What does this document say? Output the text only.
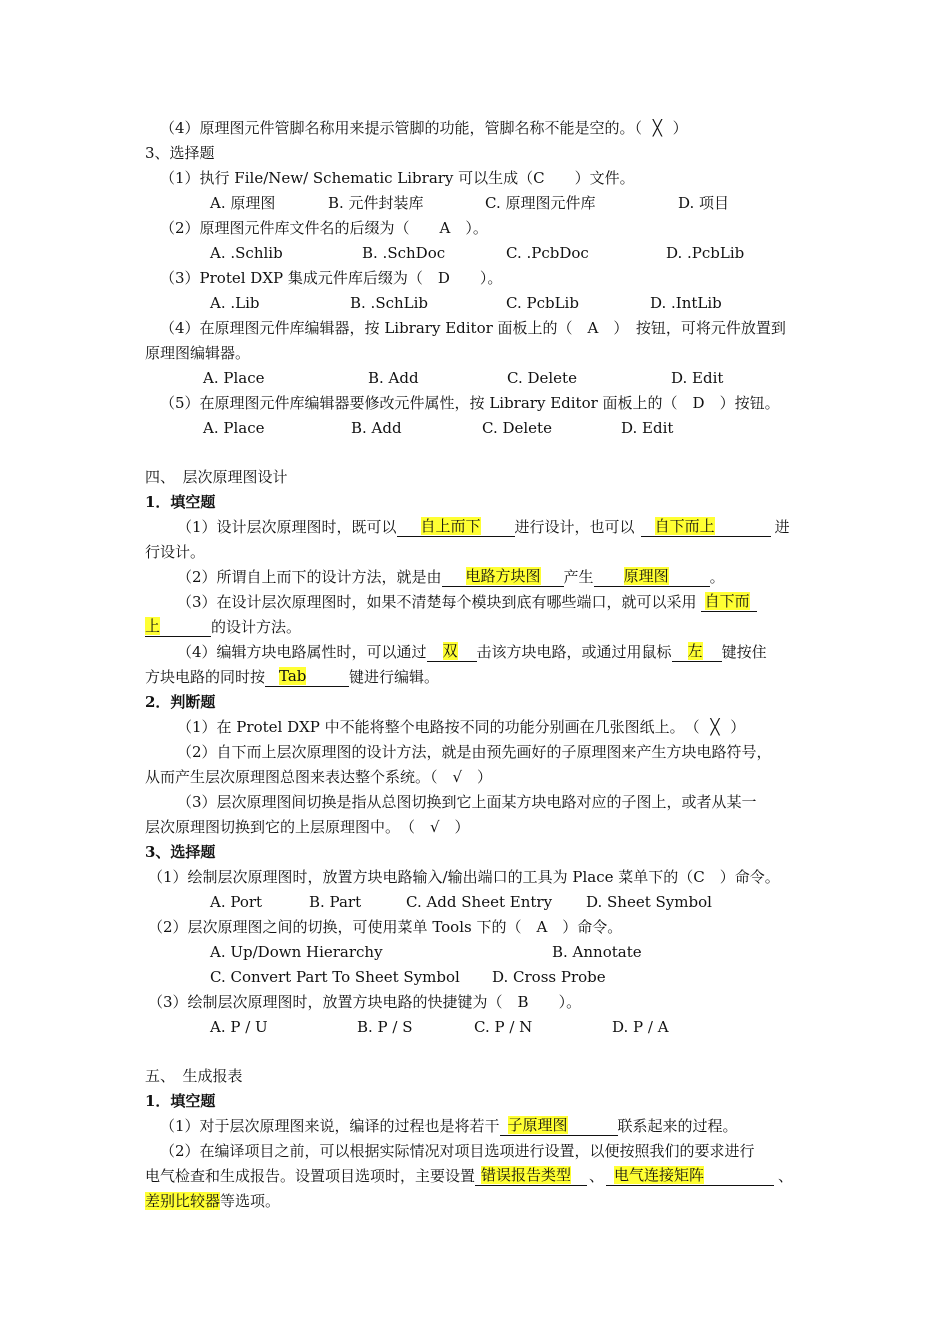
（4）原理图元件管脚名称用来提示管脚的功能，管脚名称不能是空的。（ ╳ ）
3、选择题
（1）执行 File/New/ Schematic Library 可以生成（C　　）文件。
A. 原理图	B. 元件封装库	C. 原理图元件库	D. 项目
（2）原理图元件库文件名的后缀为（　　A　）。
A. .Schlib	B. .SchDoc	C. .PcbDoc	D. .PcbLib
（3）Protel DXP 集成元件库后缀为（　D　　）。
A. .Lib	B. .SchLib	C. PcbLib	D. .IntLib
（4）在原理图元件库编辑器，按 Library Editor 面板上的（　A　）　按钮，可将元件放置到
原理图编辑器。
A. Place	B. Add	C. Delete	D. Edit
（5）在原理图元件库编辑器要修改元件属性，按 Library Editor 面板上的（　D　）按钮。
A. Place	B. Add	C. Delete	D. Edit
四、　层次原理图设计
1．填空题
（1）设计层次原理图时，既可以 自上而下 进行设计，也可以 自下而上	进
行设计。
（2）所谓自上而下的设计方法，就是由 电路方块图 产生 原理图	。
（3）在设计层次原理图时，如果不清楚每个模块到底有哪些端口，就可以采用 自下而
上	的设计方法。
（4）编辑方块电路属性时，可以通过 双 击该方块电路，或通过用鼠标 左 键按住
方块电路的同时按 Tab	键进行编辑。
2．判断题
（1）在 Protel DXP 中不能将整个电路按不同的功能分别画在几张图纸上。　（ ╳ ）
（2）自下而上层次原理图的设计方法，就是由预先画好的子原理图来产生方块电路符号，
从而产生层次原理图总图来表达整个系统。（　√　）
（3）层次原理图间切换是指从总图切换到它上面某方块电路对应的子图上，或者从某一
层次原理图切换到它的上层原理图中。　（　√　）
3、选择题
（1）绘制层次原理图时，放置方块电路输入/输出端口的工具为 Place 菜单下的（C　）命令。
A. Port	B. Part	C. Add Sheet Entry D. Sheet Symbol
（2）层次原理图之间的切换，可使用菜单 Tools 下的（　A　）命令。
A. Up/Down Hierarchy	B. Annotate
C. Convert Part To Sheet Symbol D. Cross Probe
（3）绘制层次原理图时，放置方块电路的快捷键为（　B　　）。
A. P / U	B. P / S	C. P / N	D. P / A
五、　生成报表
1．填空题
（1）对于层次原理图来说，编译的过程也是将若干 子原理图	联系起来的过程。
（2）在编译项目之前，可以根据实际情况对项目选项进行设置，以便按照我们的要求进行
电气检查和生成报告。设置项目选项时，主要设置 错误报告类型 、 电气连接矩阵	、
差别比较器等选项。
